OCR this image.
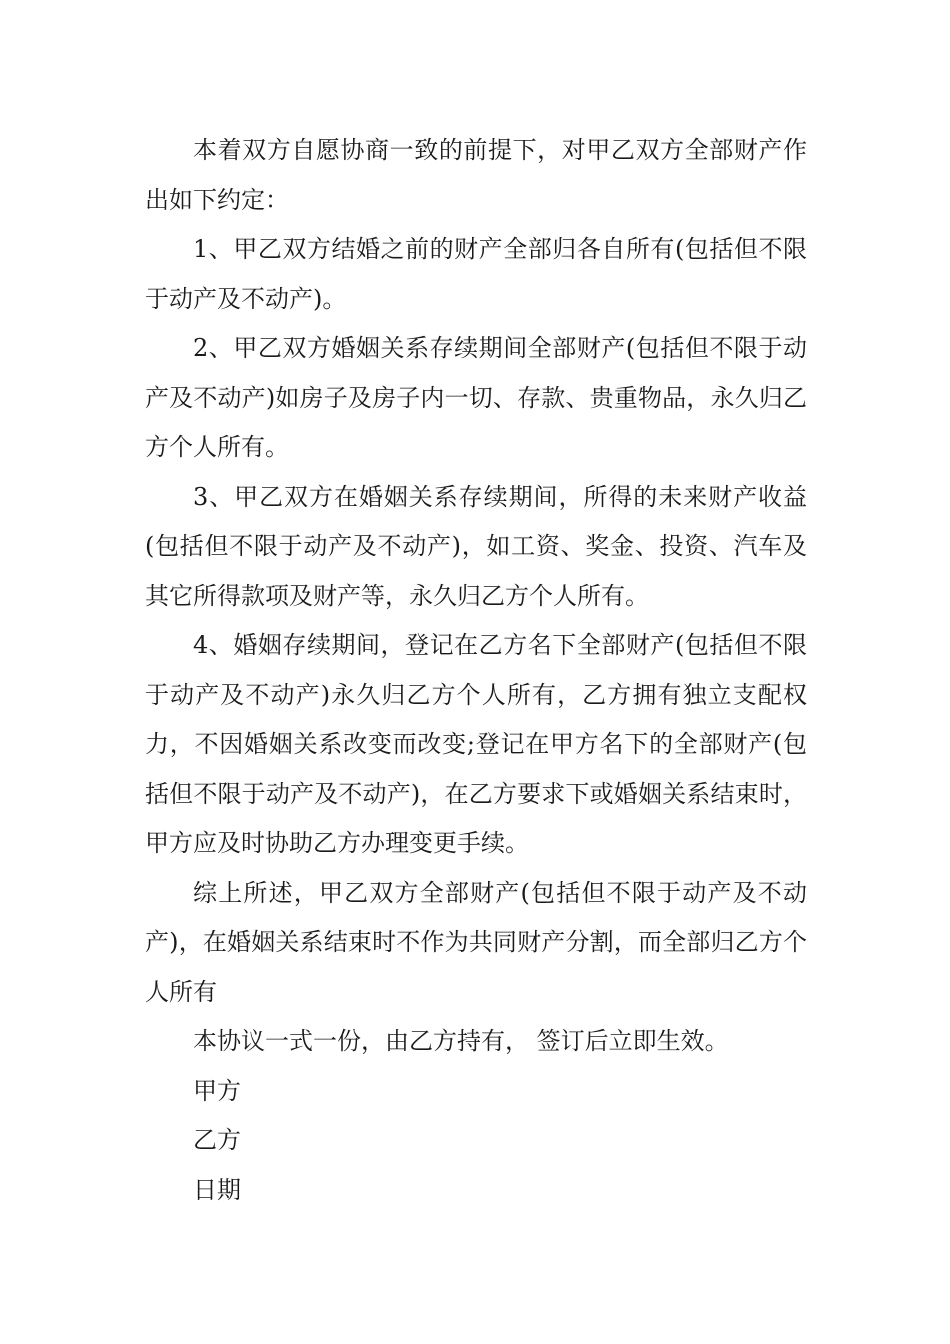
本着双方自愿协商一致的前提下，对甲乙双方全部财产作出如下约定：

1、甲乙双方结婚之前的财产全部归各自所有(包括但不限于动产及不动产)。

2、甲乙双方婚姻关系存续期间全部财产(包括但不限于动产及不动产)如房子及房子内一切、存款、贵重物品，永久归乙方个人所有。

3、甲乙双方在婚姻关系存续期间，所得的未来财产收益(包括但不限于动产及不动产)，如工资、奖金、投资、汽车及其它所得款项及财产等，永久归乙方个人所有。

4、婚姻存续期间，登记在乙方名下全部财产(包括但不限于动产及不动产)永久归乙方个人所有，乙方拥有独立支配权力，不因婚姻关系改变而改变;登记在甲方名下的全部财产(包括但不限于动产及不动产)，在乙方要求下或婚姻关系结束时，甲方应及时协助乙方办理变更手续。

综上所述，甲乙双方全部财产(包括但不限于动产及不动产)，在婚姻关系结束时不作为共同财产分割，而全部归乙方个人所有

本协议一式一份，由乙方持有， 签订后立即生效。

甲方

乙方

日期
